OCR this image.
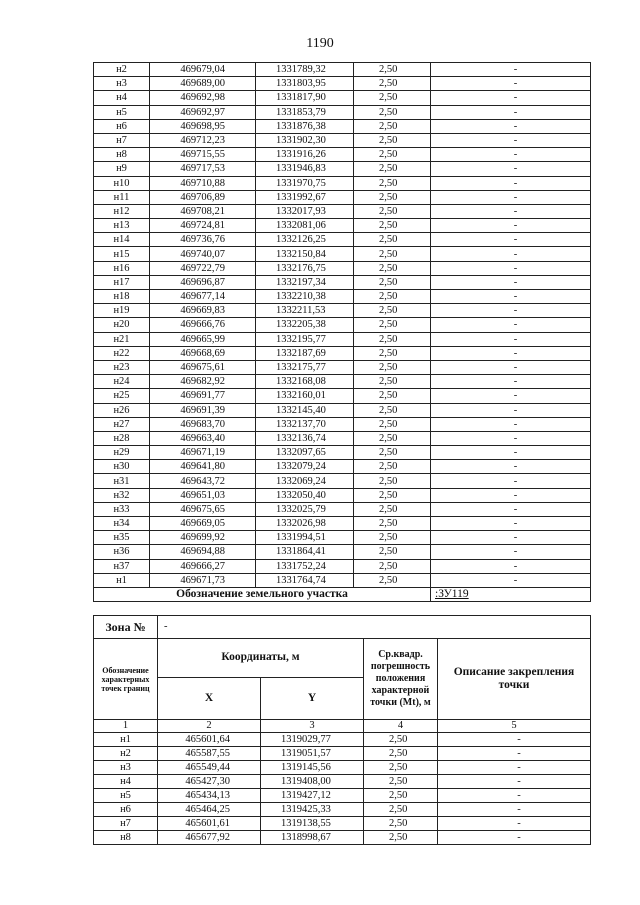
1190
н2	469679,04	1331789,32	2,50	-
н3	469689,00	1331803,95	2,50	-
н4	469692,98	1331817,90	2,50	-
н5	469692,97	1331853,79	2,50	-
н6	469698,95	1331876,38	2,50	-
н7	469712,23	1331902,30	2,50	-
н8	469715,55	1331916,26	2,50	-
н9	469717,53	1331946,83	2,50	-
н10	469710,88	1331970,75	2,50	-
н11	469706,89	1331992,67	2,50	-
н12	469708,21	1332017,93	2,50	-
н13	469724,81	1332081,06	2,50	-
н14	469736,76	1332126,25	2,50	-
н15	469740,07	1332150,84	2,50	-
н16	469722,79	1332176,75	2,50	-
н17	469696,87	1332197,34	2,50	-
н18	469677,14	1332210,38	2,50	-
н19	469669,83	1332211,53	2,50	-
н20	469666,76	1332205,38	2,50	-
н21	469665,99	1332195,77	2,50	-
н22	469668,69	1332187,69	2,50	-
н23	469675,61	1332175,77	2,50	-
н24	469682,92	1332168,08	2,50	-
н25	469691,77	1332160,01	2,50	-
н26	469691,39	1332145,40	2,50	-
н27	469683,70	1332137,70	2,50	-
н28	469663,40	1332136,74	2,50	-
н29	469671,19	1332097,65	2,50	-
н30	469641,80	1332079,24	2,50	-
н31	469643,72	1332069,24	2,50	-
н32	469651,03	1332050,40	2,50	-
н33	469675,65	1332025,79	2,50	-
н34	469669,05	1332026,98	2,50	-
н35	469699,92	1331994,51	2,50	-
н36	469694,88	1331864,41	2,50	-
н37	469666,27	1331752,24	2,50	-
н1	469671,73	1331764,74	2,50	-
Обозначение земельного участка				:ЗУ119
Зона №	-			
Обозначение характерных точек границ	Координаты, м		Ср.квадр. погрешность положения характерной точки (Мt), м	Описание закрепления точки
	X	Y		
1	2	3	4	5
н1	465601,64	1319029,77	2,50	-
н2	465587,55	1319051,57	2,50	-
н3	465549,44	1319145,56	2,50	-
н4	465427,30	1319408,00	2,50	-
н5	465434,13	1319427,12	2,50	-
н6	465464,25	1319425,33	2,50	-
н7	465601,61	1319138,55	2,50	-
н8	465677,92	1318998,67	2,50	-
